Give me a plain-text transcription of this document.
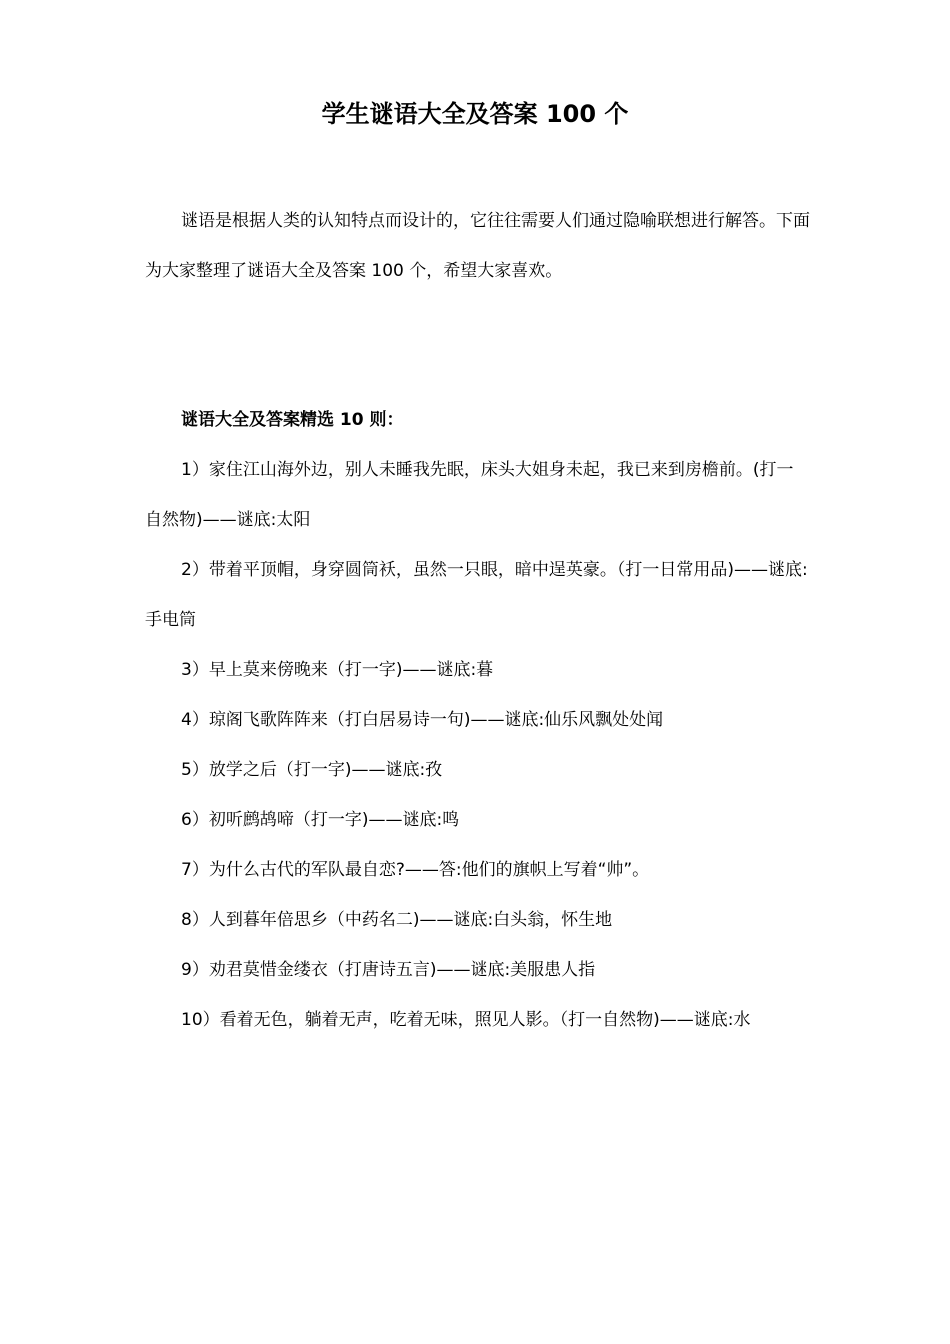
学生谜语大全及答案 100 个

谜语是根据人类的认知特点而设计的，它往往需要人们通过隐喻联想进行解答。下面为大家整理了谜语大全及答案 100 个，希望大家喜欢。

谜语大全及答案精选 10 则：

1）家住江山海外边，别人未睡我先眠，床头大姐身未起，我已来到房檐前。(打一自然物)——谜底:太阳
2）带着平顶帽，身穿圆筒袄，虽然一只眼，暗中逞英豪。（打一日常用品)——谜底:手电筒
3）早上莫来傍晚来（打一字)——谜底:暮
4）琼阁飞歌阵阵来（打白居易诗一句)——谜底:仙乐风飘处处闻
5）放学之后（打一字)——谜底:孜
6）初听鹧鸪啼（打一字)——谜底:鸣
7）为什么古代的军队最自恋?——答:他们的旗帜上写着“帅”。
8）人到暮年倍思乡（中药名二)——谜底:白头翁，怀生地
9）劝君莫惜金缕衣（打唐诗五言)——谜底:美服患人指
10）看着无色，躺着无声，吃着无味，照见人影。（打一自然物)——谜底:水
